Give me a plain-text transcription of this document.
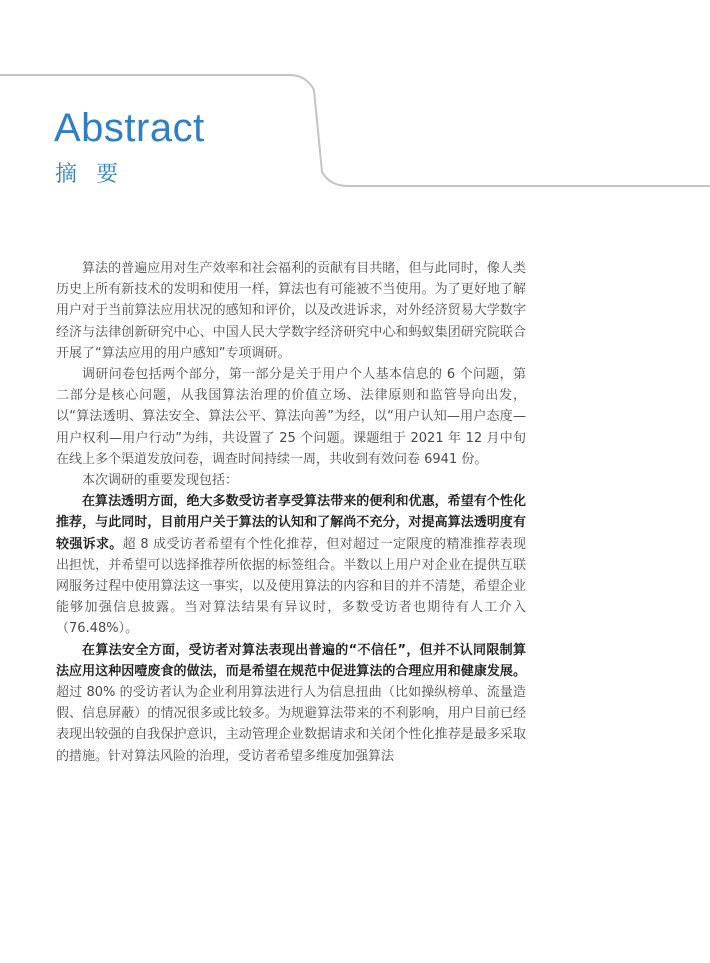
Abstract
摘 要

算法的普遍应用对生产效率和社会福利的贡献有目共睹，但与此同时，像人类历史上所有新技术的发明和使用一样，算法也有可能被不当使用。为了更好地了解用户对于当前算法应用状况的感知和评价，以及改进诉求，对外经济贸易大学数字经济与法律创新研究中心、中国人民大学数字经济研究中心和蚂蚁集团研究院联合开展了“算法应用的用户感知”专项调研。

调研问卷包括两个部分，第一部分是关于用户个人基本信息的 6 个问题，第二部分是核心问题，从我国算法治理的价值立场、法律原则和监管导向出发，以“算法透明、算法安全、算法公平、算法向善”为经，以“用户认知—用户态度—用户权利—用户行动”为纬，共设置了 25 个问题。课题组于 2021 年 12 月中旬在线上多个渠道发放问卷，调查时间持续一周，共收到有效问卷 6941 份。

本次调研的重要发现包括：

在算法透明方面，绝大多数受访者享受算法带来的便利和优惠，希望有个性化推荐，与此同时，目前用户关于算法的认知和了解尚不充分，对提高算法透明度有较强诉求。超 8 成受访者希望有个性化推荐，但对超过一定限度的精准推荐表现出担忧，并希望可以选择推荐所依据的标签组合。半数以上用户对企业在提供互联网服务过程中使用算法这一事实，以及使用算法的内容和目的并不清楚，希望企业能够加强信息披露。当对算法结果有异议时，多数受访者也期待有人工介入（76.48%）。

在算法安全方面，受访者对算法表现出普遍的“不信任”，但并不认同限制算法应用这种因噎废食的做法，而是希望在规范中促进算法的合理应用和健康发展。超过 80% 的受访者认为企业利用算法进行人为信息扭曲（比如操纵榜单、流量造假、信息屏蔽）的情况很多或比较多。为规避算法带来的不利影响，用户目前已经表现出较强的自我保护意识，主动管理企业数据请求和关闭个性化推荐是最多采取的措施。针对算法风险的治理，受访者希望多维度加强算法
